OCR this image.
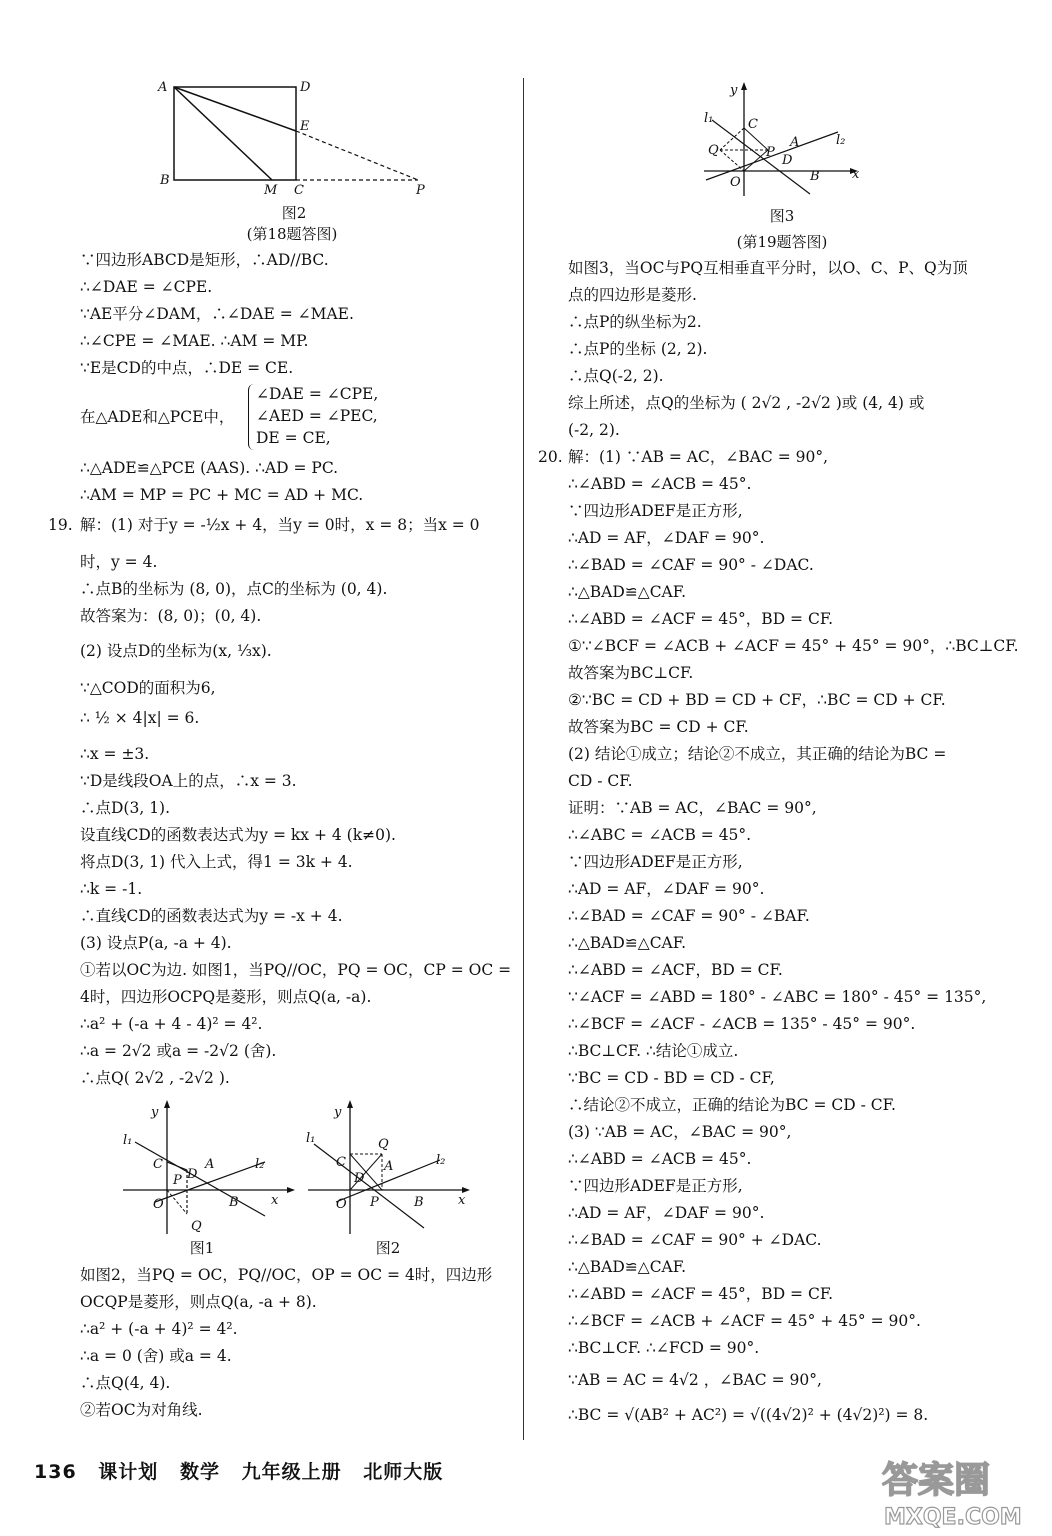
A	D
E
B
M C	P
图2
(第18题答图)
∵四边形ABCD是矩形，∴AD//BC.
∴∠DAE = ∠CPE.
∵AE平分∠DAM，∴∠DAE = ∠MAE.
∴∠CPE = ∠MAE. ∴AM = MP.
∵E是CD的中点，∴DE = CE.
在△ADE和△PCE中，
∠DAE = ∠CPE,
∠AED = ∠PEC,
DE = CE,
∴△ADE≌△PCE (AAS). ∴AD = PC.
∴AM = MP = PC + MC = AD + MC.
19. 解：(1) 对于y = -½x + 4，当y = 0时，x = 8；当x = 0
时，y = 4.
∴点B的坐标为 (8, 0)，点C的坐标为 (0, 4).
故答案为：(8, 0)；(0, 4).
(2) 设点D的坐标为(x, ⅓x).
∵△COD的面积为6,
∴ ½ × 4|x| = 6.
∴x = ±3.
∵D是线段OA上的点，∴x = 3.
∴点D(3, 1).
设直线CD的函数表达式为y = kx + 4 (k≠0).
将点D(3, 1) 代入上式，得1 = 3k + 4.
∴k = -1.
∴直线CD的函数表达式为y = -x + 4.
(3) 设点P(a, -a + 4).
①若以OC为边. 如图1，当PQ//OC，PQ = OC，CP = OC =
4时，四边形OCPQ是菱形，则点Q(a, -a).
∴a² + (-a + 4 - 4)² = 4².
∴a = 2√2 或a = -2√2 (舍).
∴点Q( 2√2 , -2√2 ).
y
l₁
C
P D
A	l₂
O	B x
Q
图1
y
l₁	Q
C
D
A	l₂
O P	B	x
图2
如图2，当PQ = OC，PQ//OC，OP = OC = 4时，四边形
OCQP是菱形，则点Q(a, -a + 8).
∴a² + (-a + 4)² = 4².
∴a = 0 (舍) 或a = 4.
∴点Q(4, 4).
②若OC为对角线.
y
l₁	C
A	l₂
Q	P
D
O	B x
图3
(第19题答图)
如图3，当OC与PQ互相垂直平分时，以O、C、P、Q为顶
点的四边形是菱形.
∴点P的纵坐标为2.
∴点P的坐标 (2, 2).
∴点Q(-2, 2).
综上所述，点Q的坐标为 ( 2√2 , -2√2 )或 (4, 4) 或
(-2, 2).
20. 解：(1) ∵AB = AC，∠BAC = 90°,
∴∠ABD = ∠ACB = 45°.
∵四边形ADEF是正方形,
∴AD = AF，∠DAF = 90°.
∴∠BAD = ∠CAF = 90° - ∠DAC.
∴△BAD≌△CAF.
∴∠ABD = ∠ACF = 45°，BD = CF.
①∵∠BCF = ∠ACB + ∠ACF = 45° + 45° = 90°，∴BC⊥CF.
故答案为BC⊥CF.
②∵BC = CD + BD = CD + CF，∴BC = CD + CF.
故答案为BC = CD + CF.
(2) 结论①成立；结论②不成立，其正确的结论为BC =
CD - CF.
证明：∵AB = AC，∠BAC = 90°,
∴∠ABC = ∠ACB = 45°.
∵四边形ADEF是正方形,
∴AD = AF，∠DAF = 90°.
∴∠BAD = ∠CAF = 90° - ∠BAF.
∴△BAD≌△CAF.
∴∠ABD = ∠ACF，BD = CF.
∵∠ACF = ∠ABD = 180° - ∠ABC = 180° - 45° = 135°,
∴∠BCF = ∠ACF - ∠ACB = 135° - 45° = 90°.
∴BC⊥CF. ∴结论①成立.
∵BC = CD - BD = CD - CF,
∴结论②不成立，正确的结论为BC = CD - CF.
(3) ∵AB = AC，∠BAC = 90°,
∴∠ABD = ∠ACB = 45°.
∵四边形ADEF是正方形,
∴AD = AF，∠DAF = 90°.
∴∠BAD = ∠CAF = 90° + ∠DAC.
∴△BAD≌△CAF.
∴∠ABD = ∠ACF = 45°，BD = CF.
∴∠BCF = ∠ACB + ∠ACF = 45° + 45° = 90°.
∴BC⊥CF. ∴∠FCD = 90°.
∵AB = AC = 4√2 ，∠BAC = 90°,
∴BC = √(AB² + AC²) = √((4√2)² + (4√2)²) = 8.
136 课计划 数学 九年级上册 北师大版	答案圈
MXQE.COM
